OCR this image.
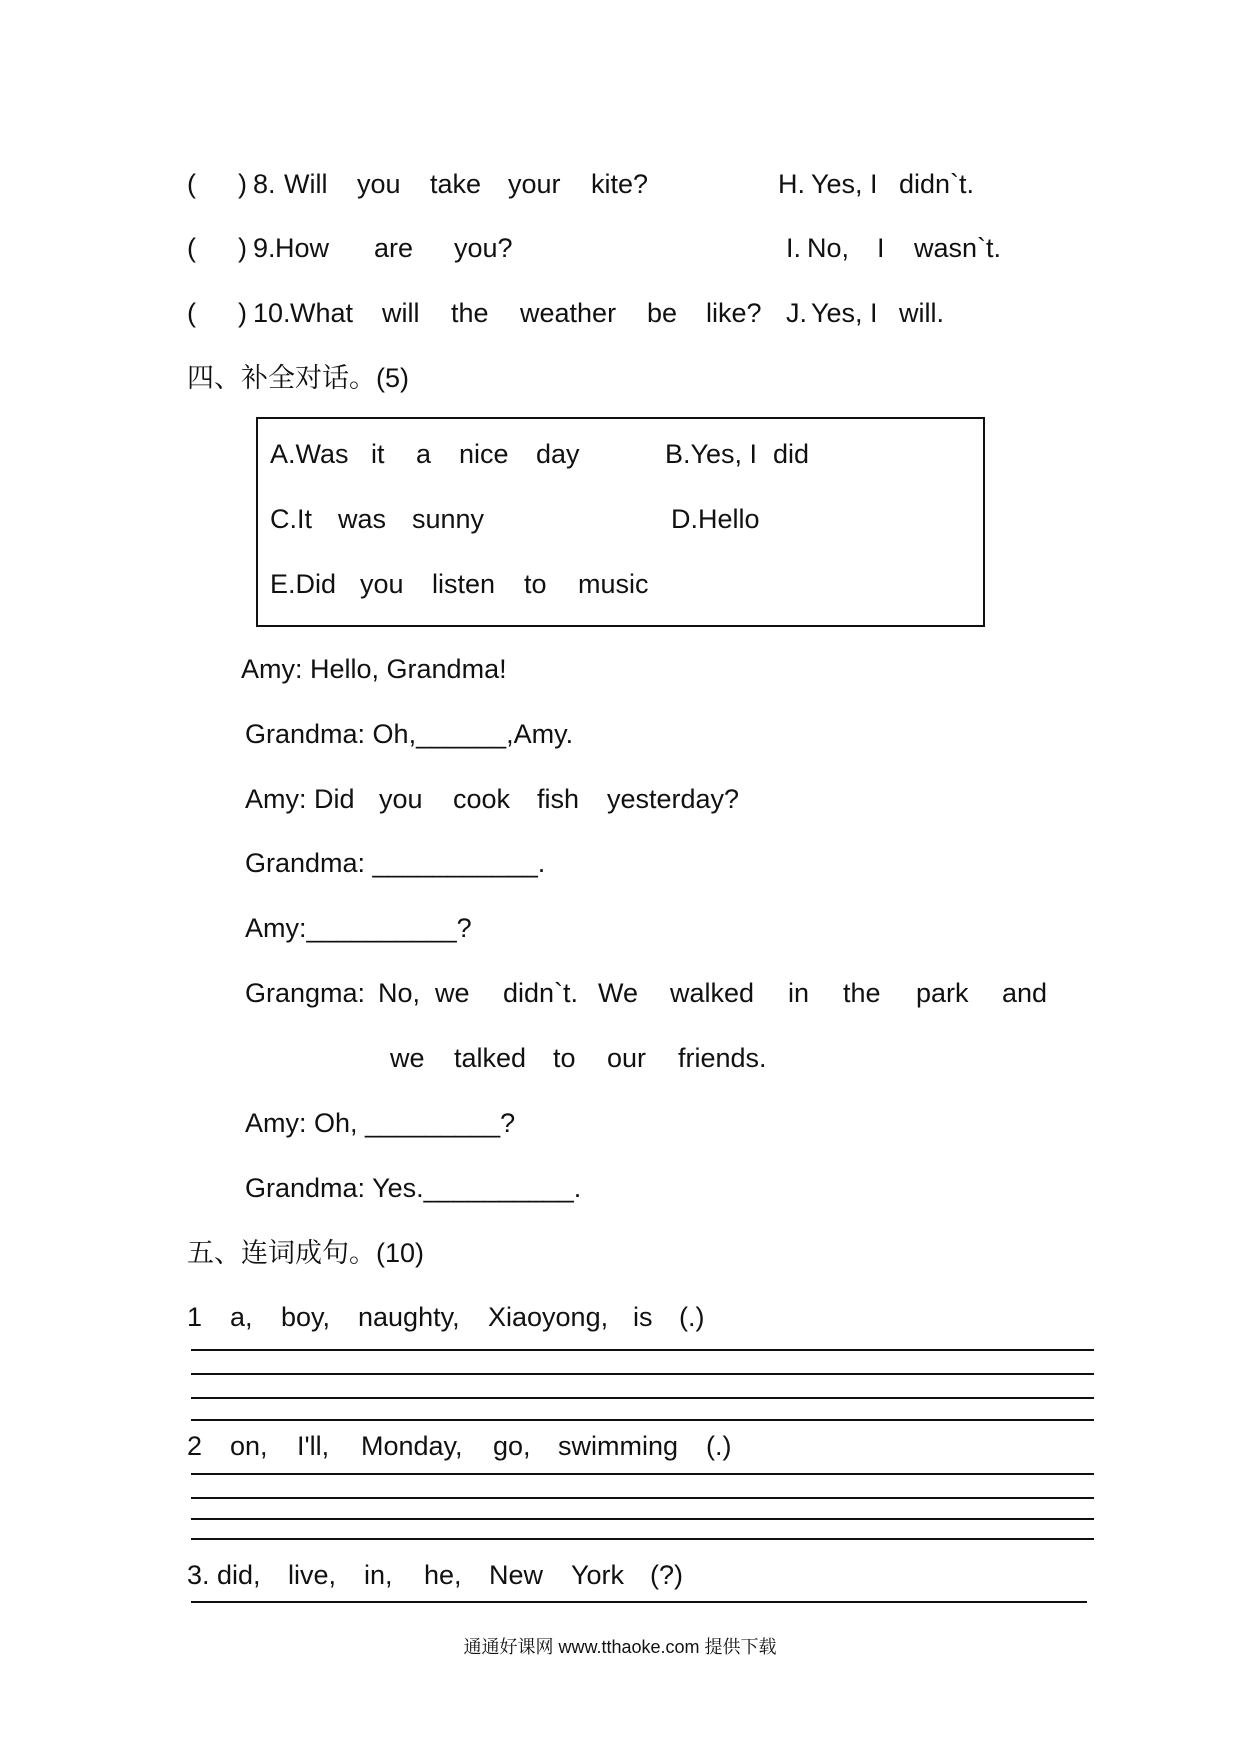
( ) 8. Will you take your kite?	H. Yes, I didn`t.
( ) 9. How are you?	I. No, I wasn`t.
( ) 10. What will the weather be like? J. Yes, I will.
四、补全对话。(5)
A.Was it a nice day	B.Yes, I did
C.It was sunny	D.Hello
E.Did you listen to music
Amy: Hello, Grandma!
Grandma: Oh,______,Amy.
Amy: Did you cook fish yesterday?
Grandma: ___________.
Amy:__________?
Grangma: No, we didn`t. We walked in the park and
we talked to our friends.
Amy: Oh, _________?
Grandma: Yes.__________.
五、连词成句。(10)
1 a, boy, naughty, Xiaoyong, is (.)
2 on, I'll, Monday, go, swimming (.)
3. did, live, in, he, New York (?)
通通好课网 www.tthaoke.com 提供下载
